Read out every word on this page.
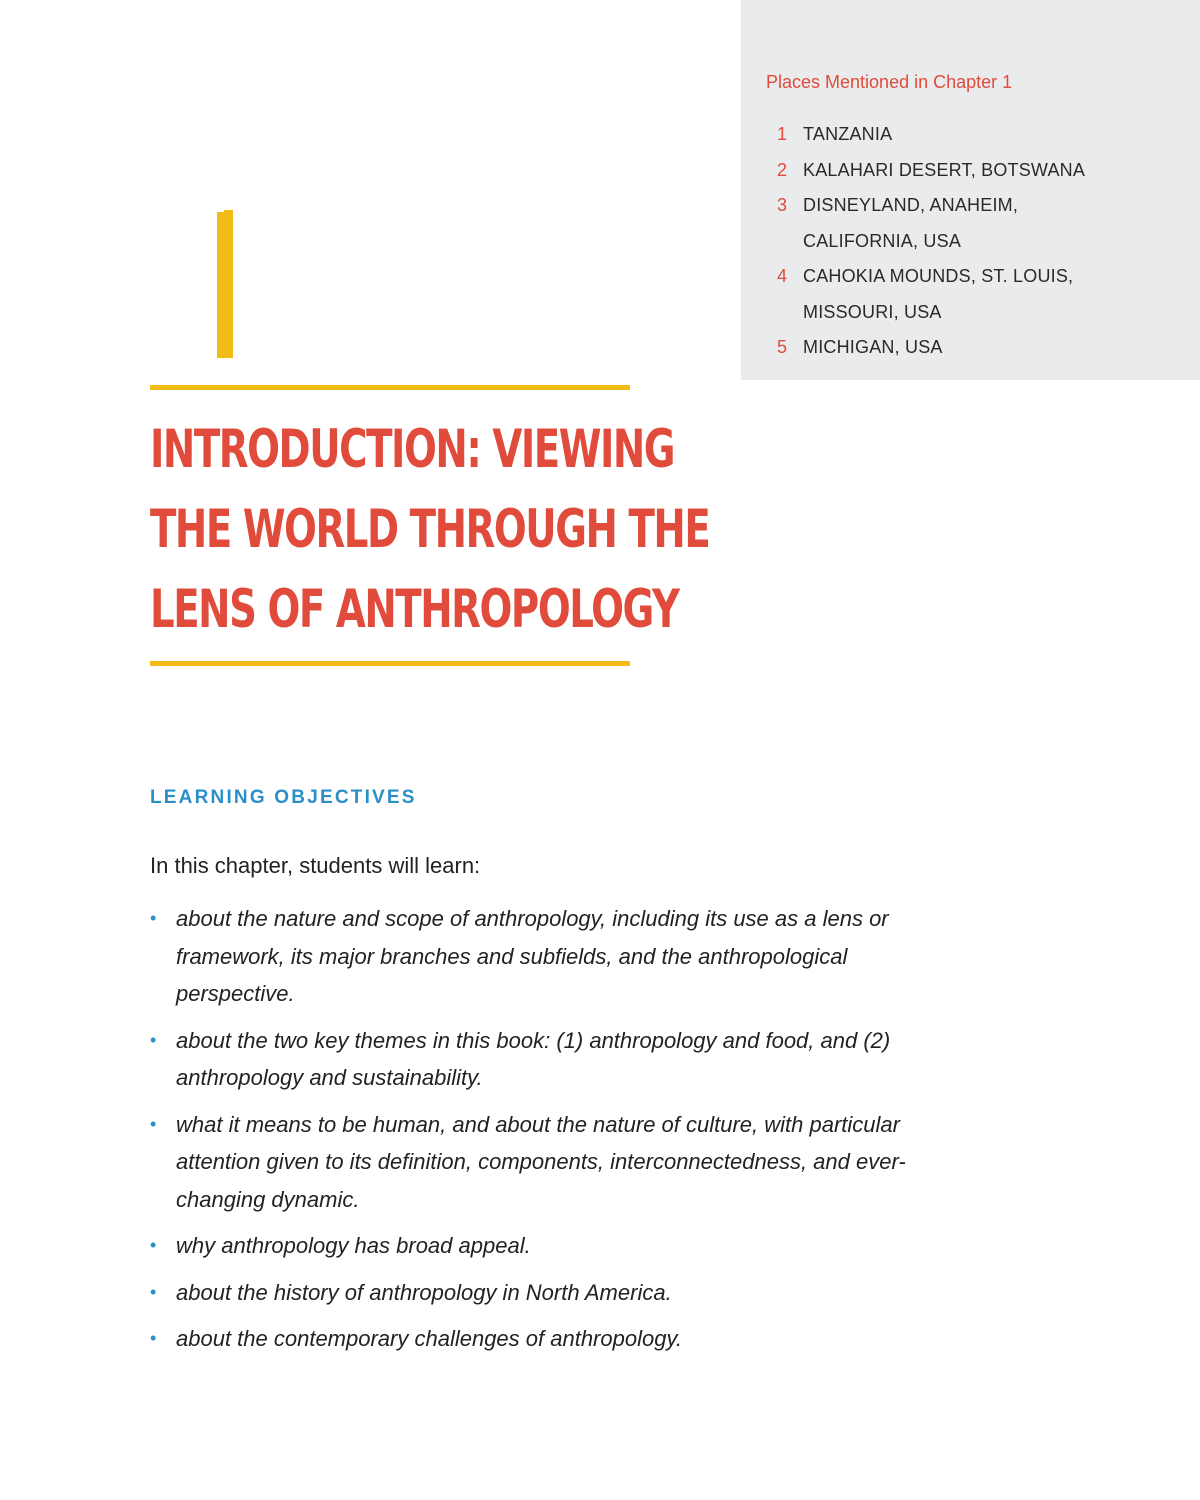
Places Mentioned in Chapter 1
1 TANZANIA
2 KALAHARI DESERT, BOTSWANA
3 DISNEYLAND, ANAHEIM, CALIFORNIA, USA
4 CAHOKIA MOUNDS, ST. LOUIS, MISSOURI, USA
5 MICHIGAN, USA
INTRODUCTION: VIEWING
THE WORLD THROUGH THE
LENS OF ANTHROPOLOGY
LEARNING OBJECTIVES

In this chapter, students will learn:

• about the nature and scope of anthropology, including its use as a lens or framework, its major branches and subfields, and the anthropological perspective.
• about the two key themes in this book: (1) anthropology and food, and (2) anthropology and sustainability.
• what it means to be human, and about the nature of culture, with particular attention given to its definition, components, interconnectedness, and ever-changing dynamic.
• why anthropology has broad appeal.
• about the history of anthropology in North America.
• about the contemporary challenges of anthropology.
